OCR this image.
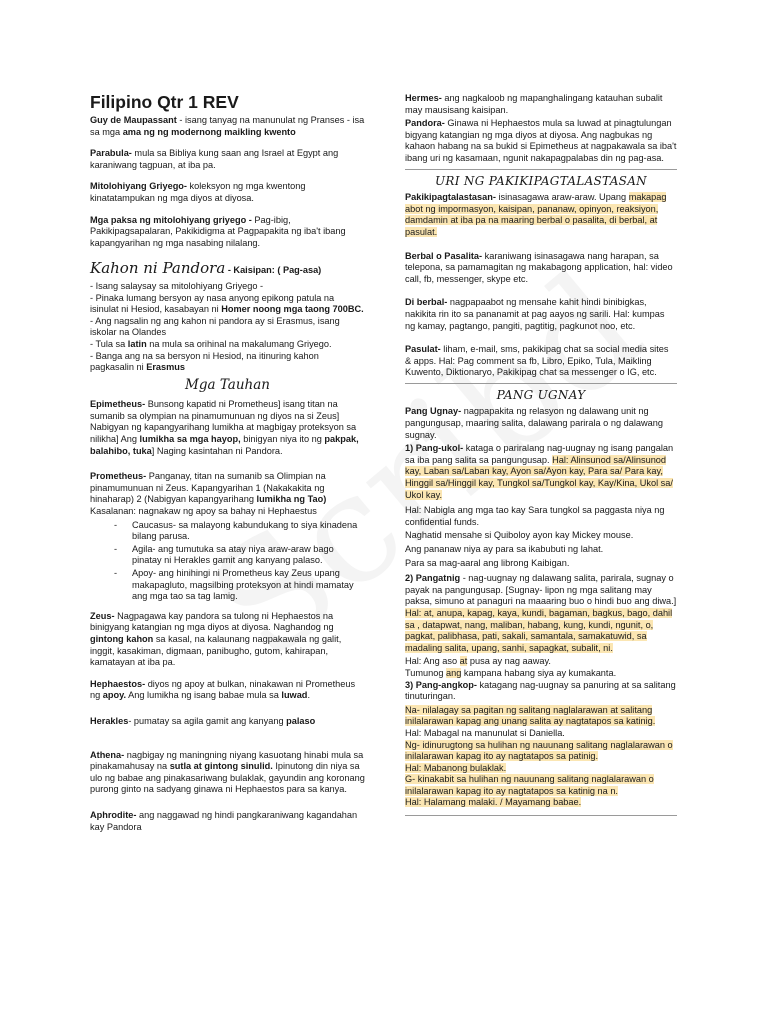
Filipino Qtr 1 REV

Guy de Maupassant - isang tanyag na manunulat ng Pranses - isa sa mga ama ng ng modernong maikling kwento

Parabula- mula sa Bibliya kung saan ang Israel at Egypt ang karaniwang tagpuan, at iba pa.

Mitolohiyang Griyego- koleksyon ng mga kwentong kinatatampukan ng mga diyos at diyosa.

Mga paksa ng mitolohiyang griyego - Pag-ibig, Pakikipagsapalaran, Pakikidigma at Pagpapakita ng iba't ibang kapangyarihan ng mga nasabing nilalang.

Kahon ni Pandora - Kaisipan: ( Pag-asa)
- Isang salaysay sa mitolohiyang Griyego -
- Pinaka lumang bersyon ay nasa anyong epikong patula na isinulat ni Hesiod, kasabayan ni Homer noong mga taong 700BC.
- Ang nagsalin ng ang kahon ni pandora ay si Erasmus, isang iskolar na Olandes
- Tula sa latin na mula sa orihinal na makalumang Griyego.
- Banga ang na sa bersyon ni Hesiod, na itinuring kahon pagkasalin ni Erasmus
Mga Tauhan

Epimetheus- Bunsong kapatid ni Prometheus] isang titan na sumanib sa olympian na pinamumunuan ng diyos na si Zeus] Nabigyan ng kapangyarihang lumikha at magbigay proteksyon sa nilikha] Ang lumikha sa mga hayop, binigyan niya ito ng pakpak, balahibo, tuka] Naging kasintahan ni Pandora.

Prometheus- Panganay, titan na sumanib sa Olimpian na pinamumunuan ni Zeus. Kapangyarihan 1 (Nakakakita ng hinaharap) 2 (Nabigyan kapangyarihang lumikha ng Tao) Kasalanan: nagnakaw ng apoy sa bahay ni Hephaestus

- Caucasus- sa malayong kabundukang to siya kinadena bilang parusa.
- Agila- ang tumutuka sa atay niya araw-araw bago pinatay ni Herakles gamit ang kanyang palaso.
- Apoy- ang hinihingi ni Prometheus kay Zeus upang makapagluto, magsilbing proteksyon at hindi mamatay ang mga tao sa tag lamig.

Zeus- Nagpagawa kay pandora sa tulong ni Hephaestos na binigyang katangian ng mga diyos at diyosa. Naghandog ng gintong kahon sa kasal, na kalaunang nagpakawala ng galit, inggit, kasakiman, digmaan, panibugho, gutom, kahirapan, kamatayan at iba pa.

Hephaestos- diyos ng apoy at bulkan, ninakawan ni Prometheus ng apoy. Ang lumikha ng isang babae mula sa luwad.

Herakles- pumatay sa agila gamit ang kanyang palaso

Athena- nagbigay ng maningning niyang kasuotang hinabi mula sa pinakamahusay na sutla at gintong sinulid. Ipinutong din niya sa ulo ng babae ang pinakasariwang bulaklak, gayundin ang koronang purong ginto na sadyang ginawa ni Hephaestos para sa kanya.

Aphrodite- ang naggawad ng hindi pangkaraniwang kagandahan kay Pandora

Hermes- ang nagkaloob ng mapanghalingang katauhan subalit may mausisang kaisipan.

Pandora- Ginawa ni Hephaestos mula sa luwad at pinagtulungan bigyang katangian ng mga diyos at diyosa. Ang nagbukas ng kahaon habang na sa bukid si Epimetheus at nagpakawala sa iba't ibang uri ng kasamaan, ngunit nakapagpalabas din ng pag-asa.

URI NG PAKIKIPAGTALASTASAN

Pakikipagtalastasan- isinasagawa araw-araw. Upang makapag abot ng impormasyon, kaisipan, pananaw, opinyon, reaksiyon, damdamin at iba pa na maaring berbal o pasalita, di berbal, at pasulat.

Berbal o Pasalita- karaniwang isinasagawa nang harapan, sa telepona, sa pamamagitan ng makabagong application, hal: video call, fb, messenger, skype etc.

Di berbal- nagpapaabot ng mensahe kahit hindi binibigkas, nakikita rin ito sa pananamit at pag aayos ng sarili. Hal: kumpas ng kamay, pagtango, pangiti, pagtitig, pagkunot noo, etc.

Pasulat- liham, e-mail, sms, pakikipag chat sa social media sites & apps. Hal: Pag comment sa fb, Libro, Epiko, Tula, Maikling Kuwento, Diktionaryo, Pakikipag chat sa messenger o IG, etc.

PANG UGNAY

Pang Ugnay- nagpapakita ng relasyon ng dalawang unit ng pangungusap, maaring salita, dalawang parirala o ng dalawang sugnay.

1) Pang-ukol- kataga o pariralang nag-uugnay ng isang pangalan sa iba pang salita sa pangungusap. Hal: Alinsunod sa/Alinsunod kay, Laban sa/Laban kay, Ayon sa/Ayon kay, Para sa/ Para kay, Hinggil sa/Hinggil kay, Tungkol sa/Tungkol kay, Kay/Kina, Ukol sa/ Ukol kay.

Hal: Nabigla ang mga tao kay Sara tungkol sa paggasta niya ng confidential funds.

Naghatid mensahe si Quiboloy ayon kay Mickey mouse.

Ang pananaw niya ay para sa ikabubuti ng lahat.

Para sa mag-aaral ang librong Kaibigan.

2) Pangatnig - nag-uugnay ng dalawang salita, parirala, sugnay o payak na pangungusap. [Sugnay- lipon ng mga salitang may paksa, simuno at panaguri na maaaring buo o hindi buo ang diwa.] Hal: at, anupa, kapag, kaya, kundi, bagaman, bagkus, bago, dahil sa , datapwat, nang, maliban, habang, kung, kundi, ngunit, o, pagkat, palibhasa, pati, sakali, samantala, samakatuwid, sa madaling salita, upang, sanhi, sapagkat, subalit, ni.

Hal: Ang aso at pusa ay nag aaway.

Tumunog ang kampana habang siya ay kumakanta.

3) Pang-angkop- katagang nag-uugnay sa panuring at sa salitang tinuturingan.

Na- nilalagay sa pagitan ng salitang naglalarawan at salitang inilalarawan kapag ang unang salita ay nagtatapos sa katinig.

Hal: Mabagal na manunulat si Daniella.

Ng- idinurugtong sa hulihan ng nauunang salitang naglalarawan o inilalarawan kapag ito ay nagtatapos sa patinig.

Hal: Mabanong bulaklak.

G- kinakabit sa hulihan ng nauunang salitang naglalarawan o inilalarawan kapag ito ay nagtatapos sa katinig na n.

Hal: Halamang malaki. / Mayamang babae.
